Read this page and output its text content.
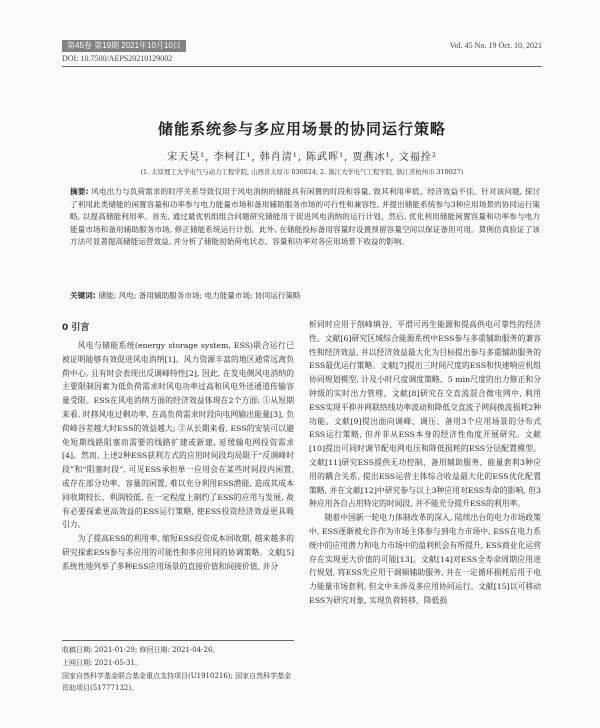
第45卷 第19期 2021年10月10日	Vol. 45 No. 19 Oct. 10, 2021
DOI: 10.7500/AEPS20210129002
储能系统参与多应用场景的协同运行策略
宋天昊¹, 李柯江¹, 韩肖清¹, 陈武晖¹, 贾燕冰¹, 文福拴²
(1. 太原理工大学电气与动力工程学院, 山西省太原市 030024; 2. 浙江大学电气工程学院, 浙江省杭州市 310027)
摘要: 风电出力与负荷需求的时序关系导致仅用于风电消纳的储能具有闲置的时段和容量, 致其利用率低、经济效益不佳。针对该问题, 探讨了利用此类储能的闲置容量和功率参与电力能量市场和备用辅助服务市场的可行性和兼容性, 并提出储能系统参与3种应用场景的协同运行策略, 以提高储能利用率。首先, 通过最优机组组合问题研究储能用于促进风电消纳的运行计划。然后, 优化利用储能闲置容量和功率参与电力能量市场和备用辅助服务市场, 修正储能系统运行计划。此外, 在储能投标备用容量时设置预留容量空间以保证备用可用。算例仿真验证了该方法可显著提高储能运营效益, 并分析了储能初始荷电状态、容量和功率对各应用场景下收益的影响。
关键词: 储能; 风电; 备用辅助服务市场; 电力能量市场; 协同运行策略
0 引言

风电与储能系统(energy storage system, ESS)联合运行已被证明能够有效促进风电消纳[1]。风力资源丰富的地区通常远离负荷中心, 且有时会表现出反调峰特性[2], 因此, 在发电侧风电消纳的主要限制因素为低负荷需求时风电功率过高和风电外送通道传输容量受限。ESS在风电消纳方面的经济效益体现在2个方面: ①从短期来看, 时移风电过剩功率, 在高负荷需求时段向电网输出能量[3], 负荷峰谷差越大时ESS的效益越大; ②从长期来看, ESS的安装可以避免短期线路阻塞而需要的线路扩建或新建, 延缓输电网投资需求[4]。然而, 上述2种ESS获利方式的应用时间段均局限于“反调峰时段”和“阻塞时段”, 可见ESS承担单一应用会在某些时间段内闲置, 或存在部分功率、容量的闲置, 难以充分利用ESS潜能, 造成其成本回收期较长、利润较低, 在一定程度上制约了ESS的应用与发展, 故有必要探索更高效益的ESS运行策略, 使ESS投资经济效益更具吸引力。

为了提高ESS的利用率, 缩短ESS投资成本回收期, 越来越多的研究探索ESS参与多应用的可能性和多应用间的协调策略。文献[5]系统性地列举了多种ESS应用场景的直接价值和间接价值, 并分

收稿日期: 2021-01-29; 修回日期: 2021-04-26。
上网日期: 2021-05-31。
国家自然科学基金联合基金重点支持项目(U1910216); 国家自然科学基金资助项目(51777132)。

析同时应用于削峰填谷、平滑可再生能源和提高供电可靠性的经济性。文献[6]研究区域综合能源系统中ESS参与多重辅助服务的兼容性和经济效益, 并以经济效益最大化为目标提出参与多重辅助服务的ESS最优运行策略。文献[7]提出三时间尺度的ESS和快速响应机组协同规划模型, 计及小时尺度调度策略、5 min尺度的出力修正和分钟级的实时出力管理。文献[8]研究在交直流混合微电网中, 利用ESS实现平抑并网联络线功率波动和降低交直流子网间换流损耗2种功能。文献[9]提出面向调峰、调压、备用3个应用场景的分布式ESS运行策略, 但并非从ESS本身的经济性角度开展研究。文献[10]提出可同时调节配电网电压和降低损耗的ESS分层配置模型。文献[11]研究ESS提供无功控制、备用辅助服务、能量套利3种应用的耦合关系, 提出ESS运营主体综合收益最大化的ESS优化配置策略, 并在文献[12]中研究参与以上3种应用对ESS寿命的影响, 但3种应用各自占用特定的时间段, 并不能充分提升ESS的利用率。

随着中国新一轮电力体制改革的深入, 陆续出台的电力市场政策中, ESS逐渐被允许作为市场主体参与到电力市场中, ESS在电力系统中的应用潜力和电力市场中的盈利机会有所提升, ESS商业化运营存在实现更大价值的可能[13]。文献[14]对ESS全寿命周期应用进行规划, 将ESS先应用于调频辅助服务, 并在一定循环损耗后用于电力能量市场套利, 但文中未涉及多应用协同运行。文献[15]以可移动ESS为研究对象, 实现负荷转移、降低损
